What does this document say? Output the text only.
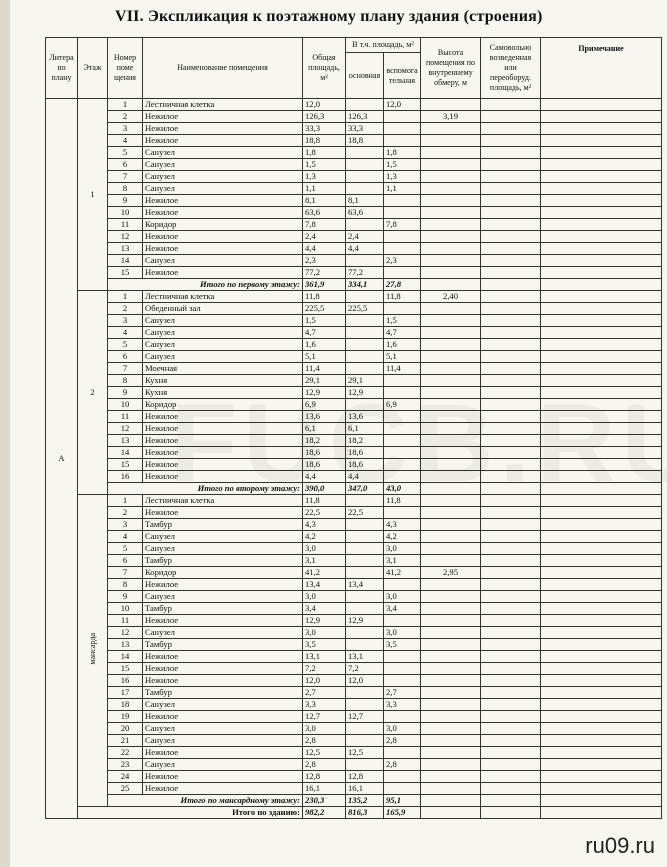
VII. Экспликация к поэтажному плану здания (строения)
Литера по плану	Этаж	Номер поме щения	Наименование помещения	Общая площадь, м²	В т.ч. площадь, м²		Высота помещения по внутреннему обмеру, м	Самовольно возведенная или переоборуд. площадь, м²	Примечание
					основная	вспомога тельная			
А	1	1	Лестничная клетка	12,0		12,0			
		2	Нежилое	126,3	126,3		3,19		
		3	Нежилое	33,3	33,3				
		4	Нежилое	18,8	18,8				
		5	Санузел	1,8		1,8			
		6	Санузел	1,5		1,5			
		7	Санузел	1,3		1,3			
		8	Санузел	1,1		1,1			
		9	Нежилое	8,1	8,1				
		10	Нежилое	63,6	63,6				
		11	Коридор	7,8		7,8			
		12	Нежилое	2,4	2,4				
		13	Нежилое	4,4	4,4				
		14	Санузел	2,3		2,3			
		15	Нежилое	77,2	77,2				
		Итого по первому этажу:		361,9	334,1	27,8			
	2	1	Лестничная клетка	11,8		11,8	2,40		
		2	Обеденный зал	225,5	225,5				
		3	Санузел	1,5		1,5			
		4	Санузел	4,7		4,7			
		5	Санузел	1,6		1,6			
		6	Санузел	5,1		5,1			
		7	Моечная	11,4		11,4			
		8	Кухня	29,1	29,1				
		9	Кухня	12,9	12,9				
		10	Коридор	6,9		6,9			
		11	Нежилое	13,6	13,6				
		12	Нежилое	6,1	6,1				
		13	Нежилое	18,2	18,2				
		14	Нежилое	18,6	18,6				
		15	Нежилое	18,6	18,6				
		16	Нежилое	4,4	4,4				
		Итого по второму этажу:		390,0	347,0	43,0			
	мансарда	1	Лестничная клетка	11,8		11,8			
		2	Нежилое	22,5	22,5				
		3	Тамбур	4,3		4,3			
		4	Санузел	4,2		4,2			
		5	Санузел	3,0		3,0			
		6	Тамбур	3,1		3,1			
		7	Коридор	41,2		41,2	2,95		
		8	Нежилое	13,4	13,4				
		9	Санузел	3,0		3,0			
		10	Тамбур	3,4		3,4			
		11	Нежилое	12,9	12,9				
		12	Санузел	3,0		3,0			
		13	Тамбур	3,5		3,5			
		14	Нежилое	13,1	13,1				
		15	Нежилое	7,2	7,2				
		16	Нежилое	12,0	12,0				
		17	Тамбур	2,7		2,7			
		18	Санузел	3,3		3,3			
		19	Нежилое	12,7	12,7				
		20	Санузел	3,0		3,0			
		21	Санузел	2,8		2,8			
		22	Нежилое	12,5	12,5				
		23	Санузел	2,8		2,8			
		24	Нежилое	12,8	12,8				
		25	Нежилое	16,1	16,1				
		Итого по мансардному этажу:		230,3	135,2	95,1			
	Итого по зданию:			982,2	816,3	165,9			
ru09.ru
